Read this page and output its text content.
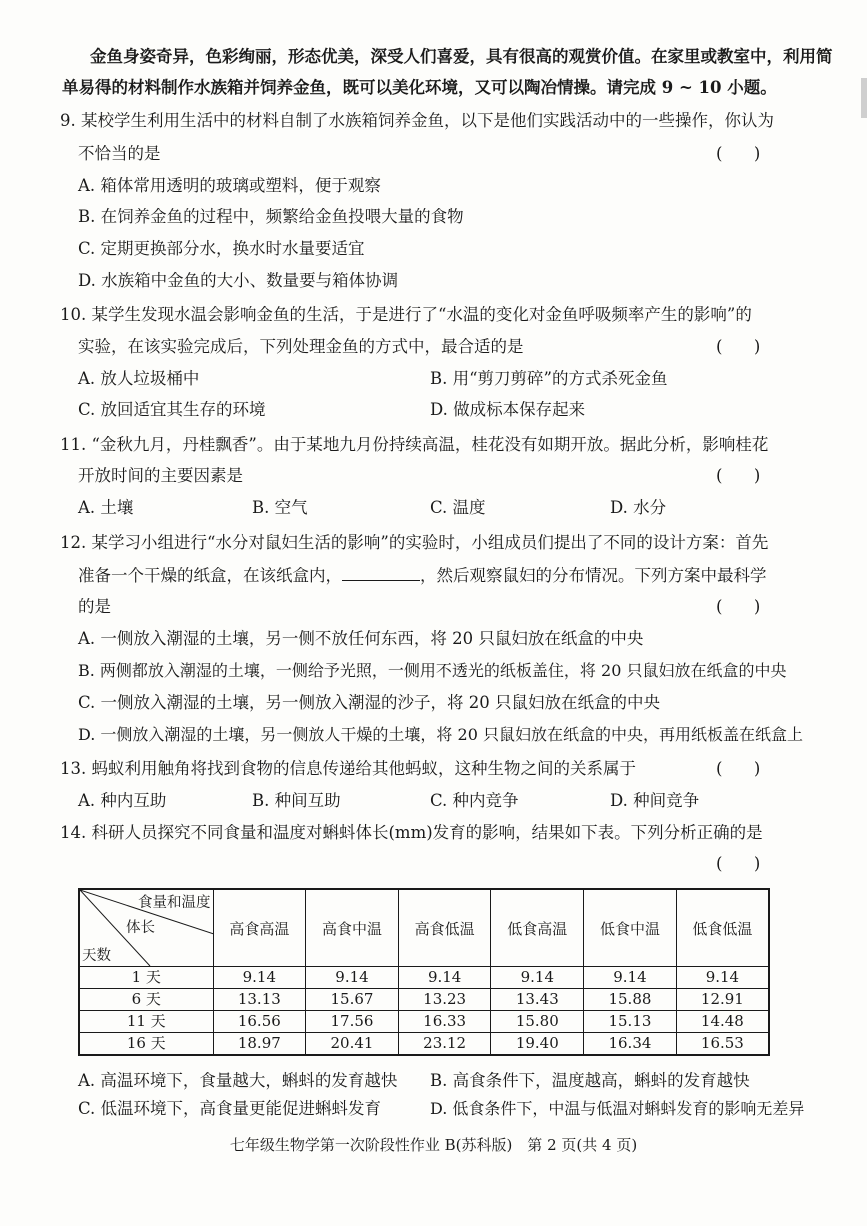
金鱼身姿奇异，色彩绚丽，形态优美，深受人们喜爱，具有很高的观赏价值。在家里或教室中，利用简
单易得的材料制作水族箱并饲养金鱼，既可以美化环境，又可以陶冶情操。请完成 9 ~ 10 小题。
9. 某校学生利用生活中的材料自制了水族箱饲养金鱼，以下是他们实践活动中的一些操作，你认为
不恰当的是	(      )
A. 箱体常用透明的玻璃或塑料，便于观察
B. 在饲养金鱼的过程中，频繁给金鱼投喂大量的食物
C. 定期更换部分水，换水时水量要适宜
D. 水族箱中金鱼的大小、数量要与箱体协调
10. 某学生发现水温会影响金鱼的生活，于是进行了“水温的变化对金鱼呼吸频率产生的影响”的
实验，在该实验完成后，下列处理金鱼的方式中，最合适的是	(      )
A. 放人垃圾桶中	B. 用“剪刀剪碎”的方式杀死金鱼
C. 放回适宜其生存的环境	D. 做成标本保存起来
11. “金秋九月，丹桂飘香”。由于某地九月份持续高温，桂花没有如期开放。据此分析，影响桂花
开放时间的主要因素是	(      )
A. 土壤	B. 空气	C. 温度	D. 水分
12. 某学习小组进行“水分对鼠妇生活的影响”的实验时，小组成员们提出了不同的设计方案：首先
准备一个干燥的纸盒，在该纸盒内，	，然后观察鼠妇的分布情况。下列方案中最科学
的是	(      )
A. 一侧放入潮湿的土壤，另一侧不放任何东西，将 20 只鼠妇放在纸盒的中央
B. 两侧都放入潮湿的土壤，一侧给予光照，一侧用不透光的纸板盖住，将 20 只鼠妇放在纸盒的中央
C. 一侧放入潮湿的土壤，另一侧放入潮湿的沙子，将 20 只鼠妇放在纸盒的中央
D. 一侧放入潮湿的土壤，另一侧放人干燥的土壤，将 20 只鼠妇放在纸盒的中央，再用纸板盖在纸盒上
13. 蚂蚁利用触角将找到食物的信息传递给其他蚂蚁，这种生物之间的关系属于	(      )
A. 种内互助	B. 种间互助	C. 种内竞争	D. 种间竞争
14. 科研人员探究不同食量和温度对蝌蚪体长(mm)发育的影响，结果如下表。下列分析正确的是
(      )
食量和温度
体长
天数	高食高温	高食中温	高食低温	低食高温	低食中温	低食低温
1 天	9.14	9.14	9.14	9.14	9.14	9.14
6 天	13.13	15.67	13.23	13.43	15.88	12.91
11 天	16.56	17.56	16.33	15.80	15.13	14.48
16 天	18.97	20.41	23.12	19.40	16.34	16.53
A. 高温环境下，食量越大，蝌蚪的发育越快 B. 高食条件下，温度越高，蝌蚪的发育越快
C. 低温环境下，高食量更能促进蝌蚪发育	D. 低食条件下，中温与低温对蝌蚪发育的影响无差异
七年级生物学第一次阶段性作业 B(苏科版)　第 2 页(共 4 页)
